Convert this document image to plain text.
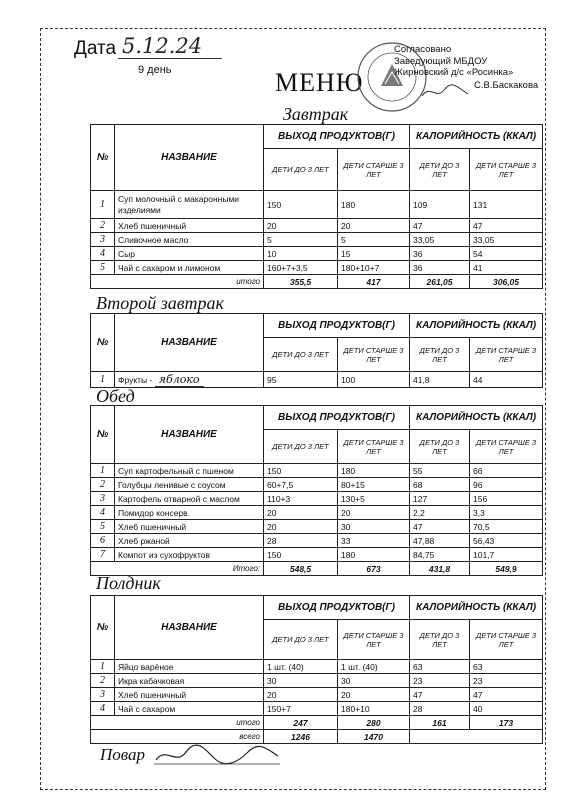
Дата 5.12.24
9 день	МЕНЮ
Согласовано
Заведующий МБДОУ
Жирновский д/с «Росинка»
С.В.Баскакова
Завтрак
№	НАЗВАНИЕ	ВЫХОД ПРОДУКТОВ(Г)		КАЛОРИЙНОСТЬ (ККАЛ)	
		ДЕТИ ДО 3 ЛЕТ	ДЕТИ СТАРШЕ 3 ЛЕТ	ДЕТИ ДО 3 ЛЕТ	ДЕТИ СТАРШЕ 3 ЛЕТ
1	Суп молочный с макаронными изделиями	150	180	109	131
2	Хлеб пшеничный	20	20	47	47
3	Сливочное масло	5	5	33,05	33,05
4	Сыр	10	15	36	54
5	Чай с сахаром и лимоном	160+7+3,5	180+10+7	36	41
итого		355,5	417	261,05	306,05
Второй завтрак
№	НАЗВАНИЕ	ВЫХОД ПРОДУКТОВ(Г)		КАЛОРИЙНОСТЬ (ККАЛ)	
		ДЕТИ ДО 3 ЛЕТ	ДЕТИ СТАРШЕ 3 ЛЕТ	ДЕТИ ДО 3 ЛЕТ	ДЕТИ СТАРШЕ 3 ЛЕТ
1	Фрукты - яблоко	95	100	41,8	44
Обед
№	НАЗВАНИЕ	ВЫХОД ПРОДУКТОВ(Г)		КАЛОРИЙНОСТЬ (ККАЛ)	
		ДЕТИ ДО 3 ЛЕТ	ДЕТИ СТАРШЕ 3 ЛЕТ	ДЕТИ ДО 3 ЛЕТ	ДЕТИ СТАРШЕ 3 ЛЕТ
1	Суп картофельный с пшеном	150	180	55	66
2	Голубцы ленивые с соусом	60+7,5	80+15	68	96
3	Картофель отварной с маслом	110+3	130+5	127	156
4	Помидор консерв.	20	20	2,2	3,3
5	Хлеб пшеничный	20	30	47	70,5
6	Хлеб ржаной	28	33	47,88	56,43
7	Компот из сухофруктов	150	180	84,75	101,7
Итого:		548,5	673	431,8	549,9
Полдник
№	НАЗВАНИЕ	ВЫХОД ПРОДУКТОВ(Г)		КАЛОРИЙНОСТЬ (ККАЛ)	
		ДЕТИ ДО 3 ЛЕТ	ДЕТИ СТАРШЕ 3 ЛЕТ	ДЕТИ ДО 3 ЛЕТ	ДЕТИ СТАРШЕ 3 ЛЕТ
1	Яйцо варёное	1 шт. (40)	1 шт. (40)	63	63
2	Икра кабачковая	30	30	23	23
3	Хлеб пшеничный	20	20	47	47
4	Чай с сахаром	150+7	180+10	28	40
итого		247	280	161	173
всего		1246	1470		
Повар
